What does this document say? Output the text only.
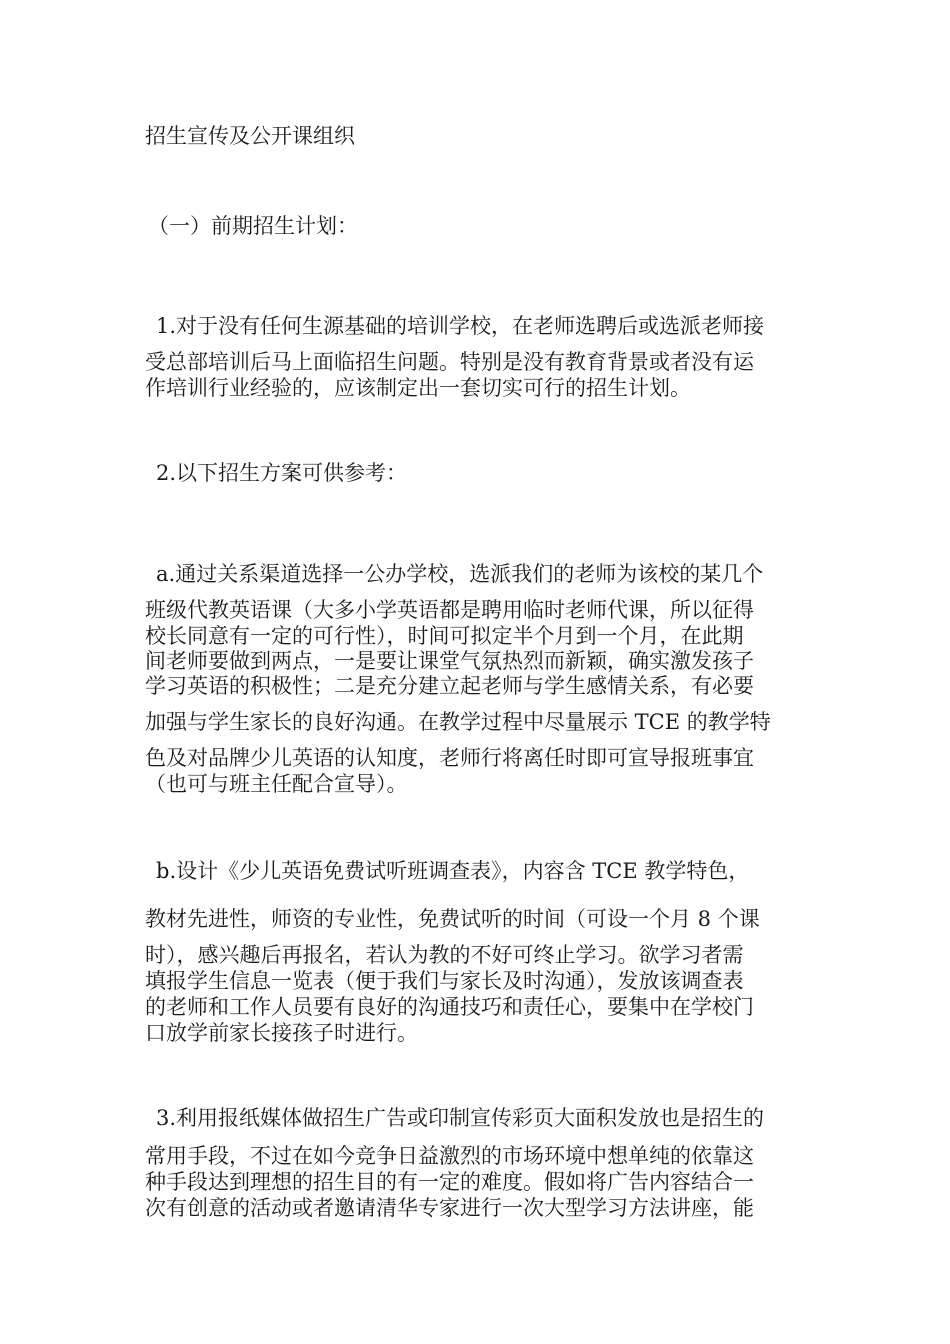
招生宣传及公开课组织
（一）前期招生计划：
1.对于没有任何生源基础的培训学校，在老师选聘后或选派老师接
受总部培训后马上面临招生问题。特别是没有教育背景或者没有运
作培训行业经验的，应该制定出一套切实可行的招生计划。
2.以下招生方案可供参考：
a.通过关系渠道选择一公办学校，选派我们的老师为该校的某几个
班级代教英语课（大多小学英语都是聘用临时老师代课，所以征得
校长同意有一定的可行性），时间可拟定半个月到一个月，在此期
间老师要做到两点，一是要让课堂气氛热烈而新颖，确实激发孩子
学习英语的积极性；二是充分建立起老师与学生感情关系，有必要
加强与学生家长的良好沟通。在教学过程中尽量展示 TCE 的教学特
色及对品牌少儿英语的认知度，老师行将离任时即可宣导报班事宜
（也可与班主任配合宣导）。
b.设计《少儿英语免费试听班调查表》，内容含 TCE 教学特色，
教材先进性，师资的专业性，免费试听的时间（可设一个月 8 个课
时），感兴趣后再报名，若认为教的不好可终止学习。欲学习者需
填报学生信息一览表（便于我们与家长及时沟通），发放该调查表
的老师和工作人员要有良好的沟通技巧和责任心，要集中在学校门
口放学前家长接孩子时进行。
3.利用报纸媒体做招生广告或印制宣传彩页大面积发放也是招生的
常用手段，不过在如今竞争日益激烈的市场环境中想单纯的依靠这
种手段达到理想的招生目的有一定的难度。假如将广告内容结合一
次有创意的活动或者邀请清华专家进行一次大型学习方法讲座，能
